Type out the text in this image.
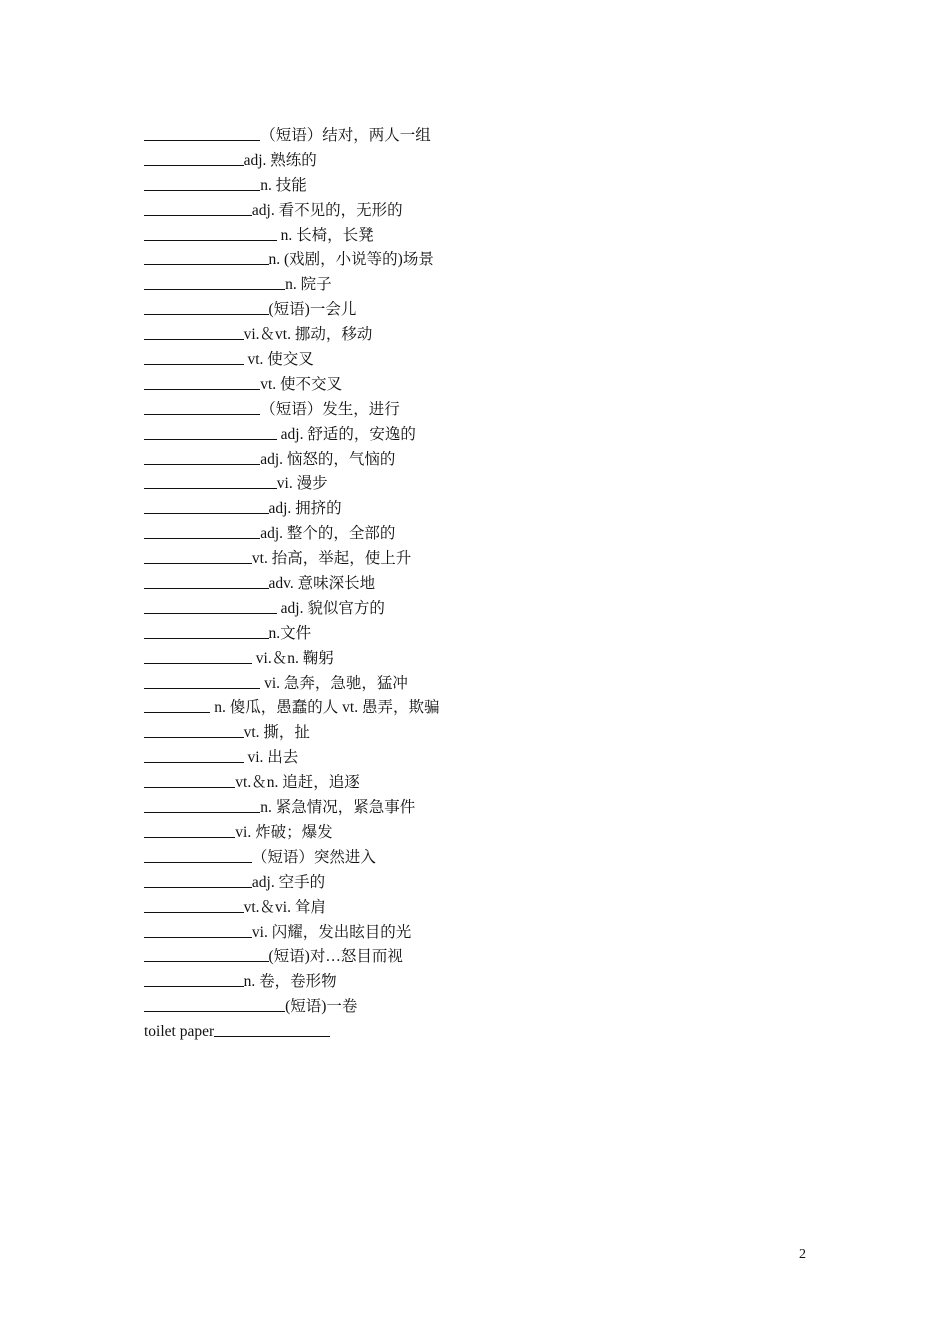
（短语）结对，两人一组
adj. 熟练的
n. 技能
adj. 看不见的，无形的
n. 长椅，长凳
n. (戏剧，小说等的)场景
n. 院子
(短语)一会儿
vi.＆vt. 挪动，移动
vt. 使交叉
vt. 使不交叉
（短语）发生，进行
adj. 舒适的，安逸的
adj. 恼怒的，气恼的
vi. 漫步
adj. 拥挤的
adj. 整个的，全部的
vt. 抬高，举起，使上升
adv. 意味深长地
adj. 貌似官方的
n.文件
vi.＆n. 鞠躬
vi. 急奔，急驰，猛冲
n. 傻瓜，愚蠢的人 vt. 愚弄，欺骗
vt. 撕，扯
vi. 出去
vt.＆n. 追赶，追逐
n. 紧急情况，紧急事件
vi. 炸破；爆发
（短语）突然进入
adj. 空手的
vt.＆vi. 耸肩
vi. 闪耀，发出眩目的光
(短语)对…怒目而视
n. 卷，卷形物
(短语)一卷
toilet paper
2
